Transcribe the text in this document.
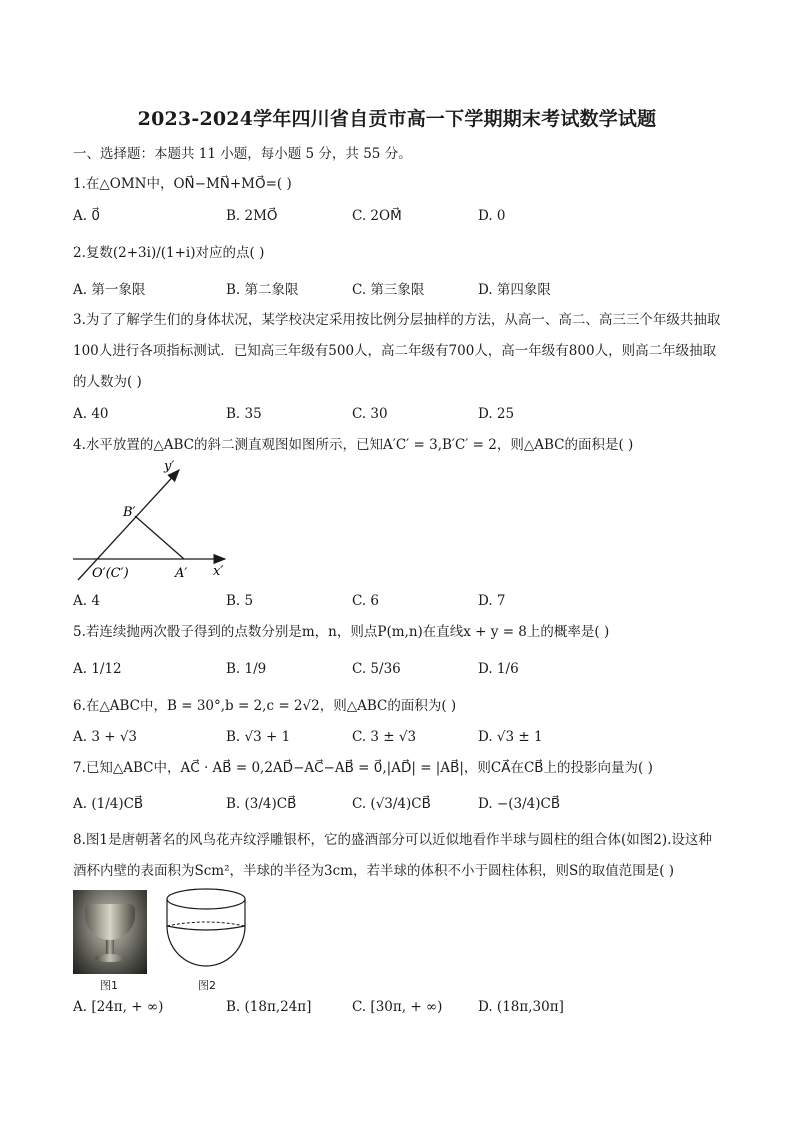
2023-2024学年四川省自贡市高一下学期期末考试数学试题
一、选择题：本题共 11 小题，每小题 5 分，共 55 分。
1.在△OMN中，ON⃗−MN⃗+MO⃗=( )
A. 0⃗	B. 2MO⃗	C. 2OM⃗	D. 0
2.复数(2+3i)/(1+i)对应的点( )
A. 第一象限	B. 第二象限	C. 第三象限	D. 第四象限
3.为了了解学生们的身体状况，某学校决定采用按比例分层抽样的方法，从高一、高二、高三三个年级共抽取100人进行各项指标测试．已知高三年级有500人，高二年级有700人，高一年级有800人，则高二年级抽取的人数为( )
A. 40	B. 35	C. 30	D. 25
4.水平放置的△ABC的斜二测直观图如图所示，已知A′C′ = 3,B′C′ = 2，则△ABC的面积是( )
y′
B′
O′(C′)	A′ x′
A. 4	B. 5	C. 6	D. 7
5.若连续抛两次骰子得到的点数分别是m，n，则点P(m,n)在直线x + y = 8上的概率是( )
A. 1/12	B. 1/9	C. 5/36	D. 1/6
6.在△ABC中，B = 30°,b = 2,c = 2√2，则△ABC的面积为( )
A. 3 + √3	B. √3 + 1	C. 3 ± √3	D. √3 ± 1
7.已知△ABC中，AC⃗ · AB⃗ = 0,2AD⃗−AC⃗−AB⃗ = 0⃗,|AD⃗| = |AB⃗|，则CA⃗在CB⃗上的投影向量为( )
A. (1/4)CB⃗	B. (3/4)CB⃗	C. (√3/4)CB⃗	D. −(3/4)CB⃗
8.图1是唐朝著名的风鸟花卉纹浮雕银杯，它的盛酒部分可以近似地看作半球与圆柱的组合体(如图2).设这种酒杯内壁的表面积为Scm²，半球的半径为3cm，若半球的体积不小于圆柱体积，则S的取值范围是( )
图1	图2
A. [24π, + ∞)	B. (18π,24π]	C. [30π, + ∞)	D. (18π,30π]
